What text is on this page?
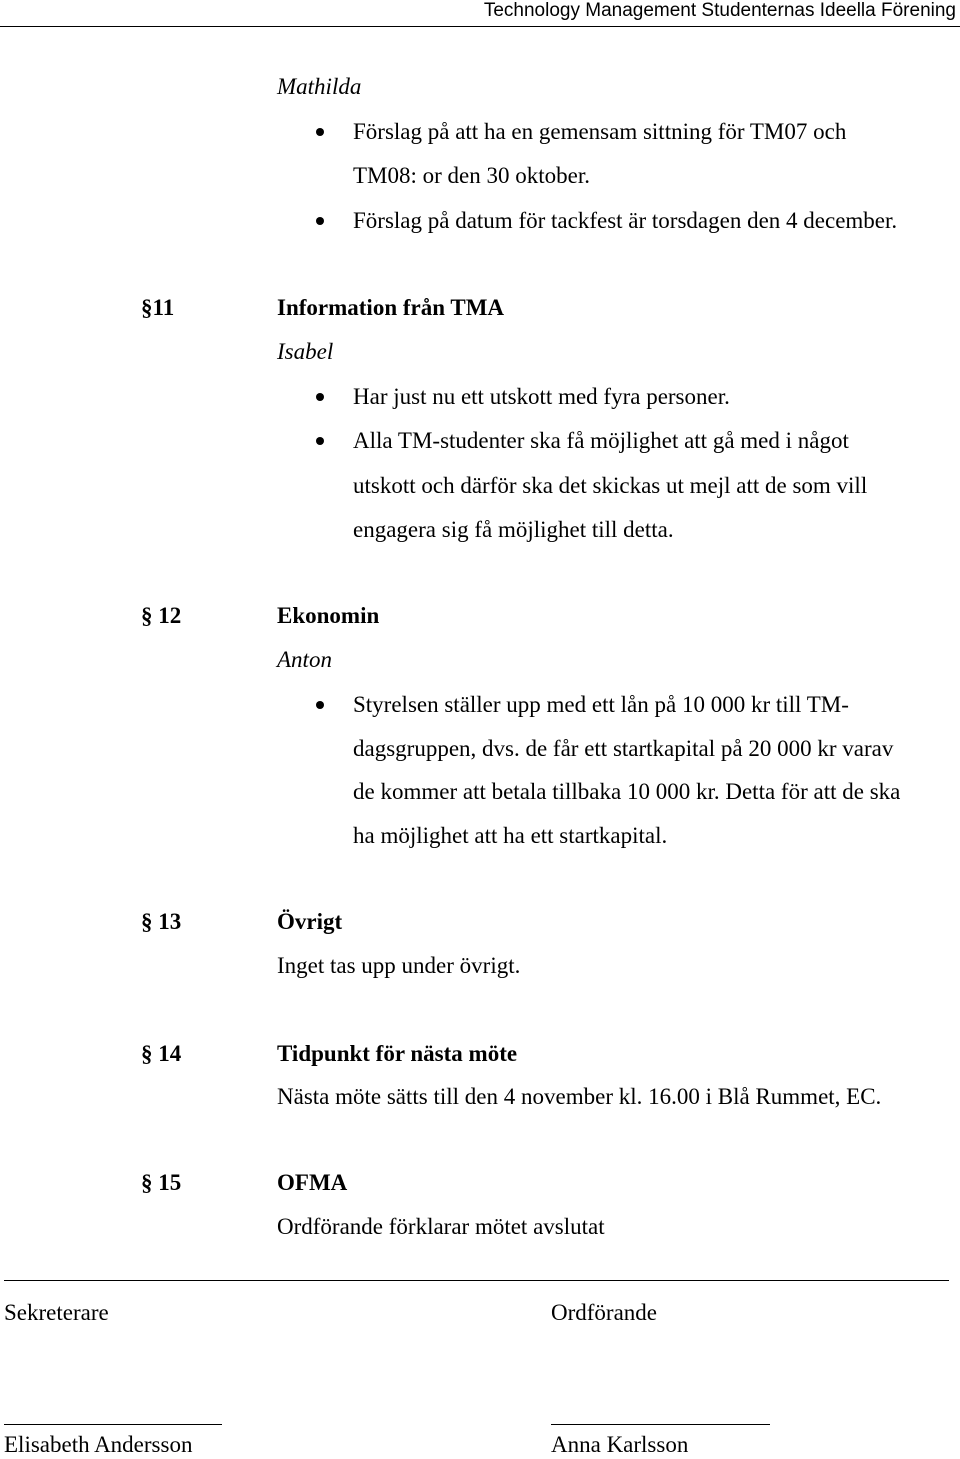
Technology Management Studenternas Ideella Förening
Mathilda
Förslag på att ha en gemensam sittning för TM07 och
TM08: or den 30 oktober.
Förslag på datum för tackfest är torsdagen den 4 december.
§11	Information från TMA
Isabel
Har just nu ett utskott med fyra personer.
Alla TM-studenter ska få möjlighet att gå med i något
utskott och därför ska det skickas ut mejl att de som vill
engagera sig få möjlighet till detta.
§ 12	Ekonomin
Anton
Styrelsen ställer upp med ett lån på 10 000 kr till TM-
dagsgruppen, dvs. de får ett startkapital på 20 000 kr varav
de kommer att betala tillbaka 10 000 kr. Detta för att de ska
ha möjlighet att ha ett startkapital.
§ 13	Övrigt
Inget tas upp under övrigt.
§ 14	Tidpunkt för nästa möte
Nästa möte sätts till den 4 november kl. 16.00 i Blå Rummet, EC.
§ 15	OFMA
Ordförande förklarar mötet avslutat
Sekreterare	Ordförande
Elisabeth Andersson	Anna Karlsson
